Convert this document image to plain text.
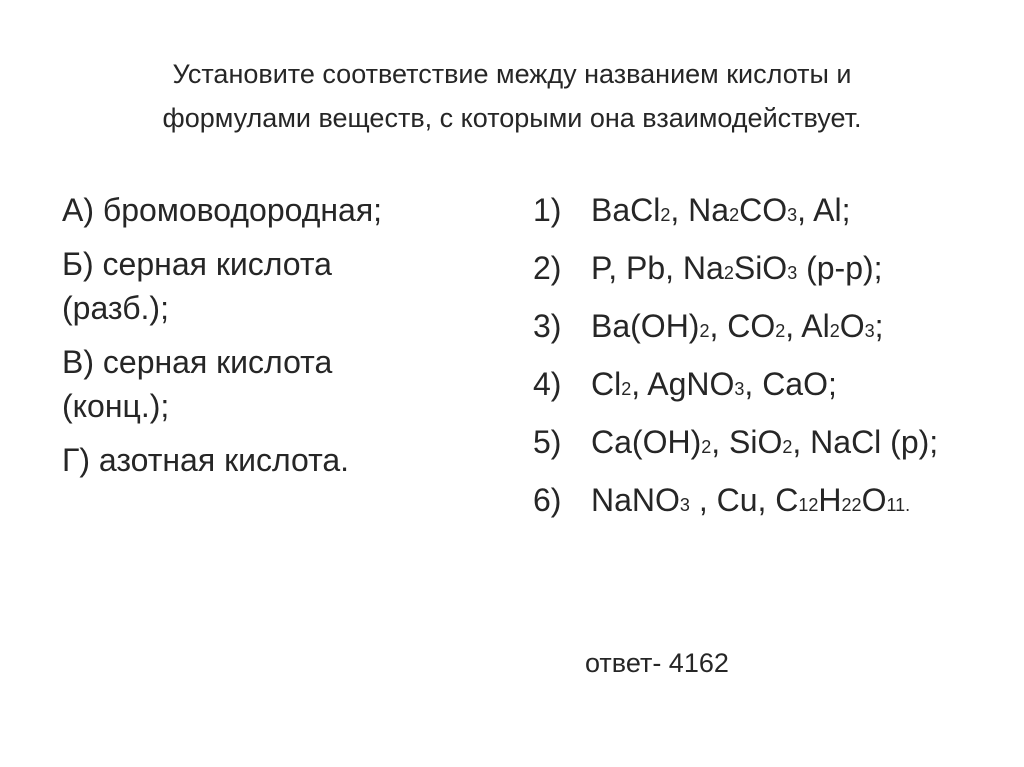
Установите соответствие между названием кислоты и
формулами веществ, с которыми она взаимодействует.
А) бромоводородная;
Б) серная кислота
(разб.);
В) серная кислота
(конц.);
Г) азотная кислота.
1) BaCl2, Na2CO3, Al;
2) P, Pb, Na2SiO3 (р-р);
3) Ba(OH)2, CO2, Al2O3;
4) Cl2, AgNO3, CaO;
5) Ca(OH)2, SiO2, NaCl (р);
6) NaNO3 , Cu, C12H22O11.
ответ- 4162
